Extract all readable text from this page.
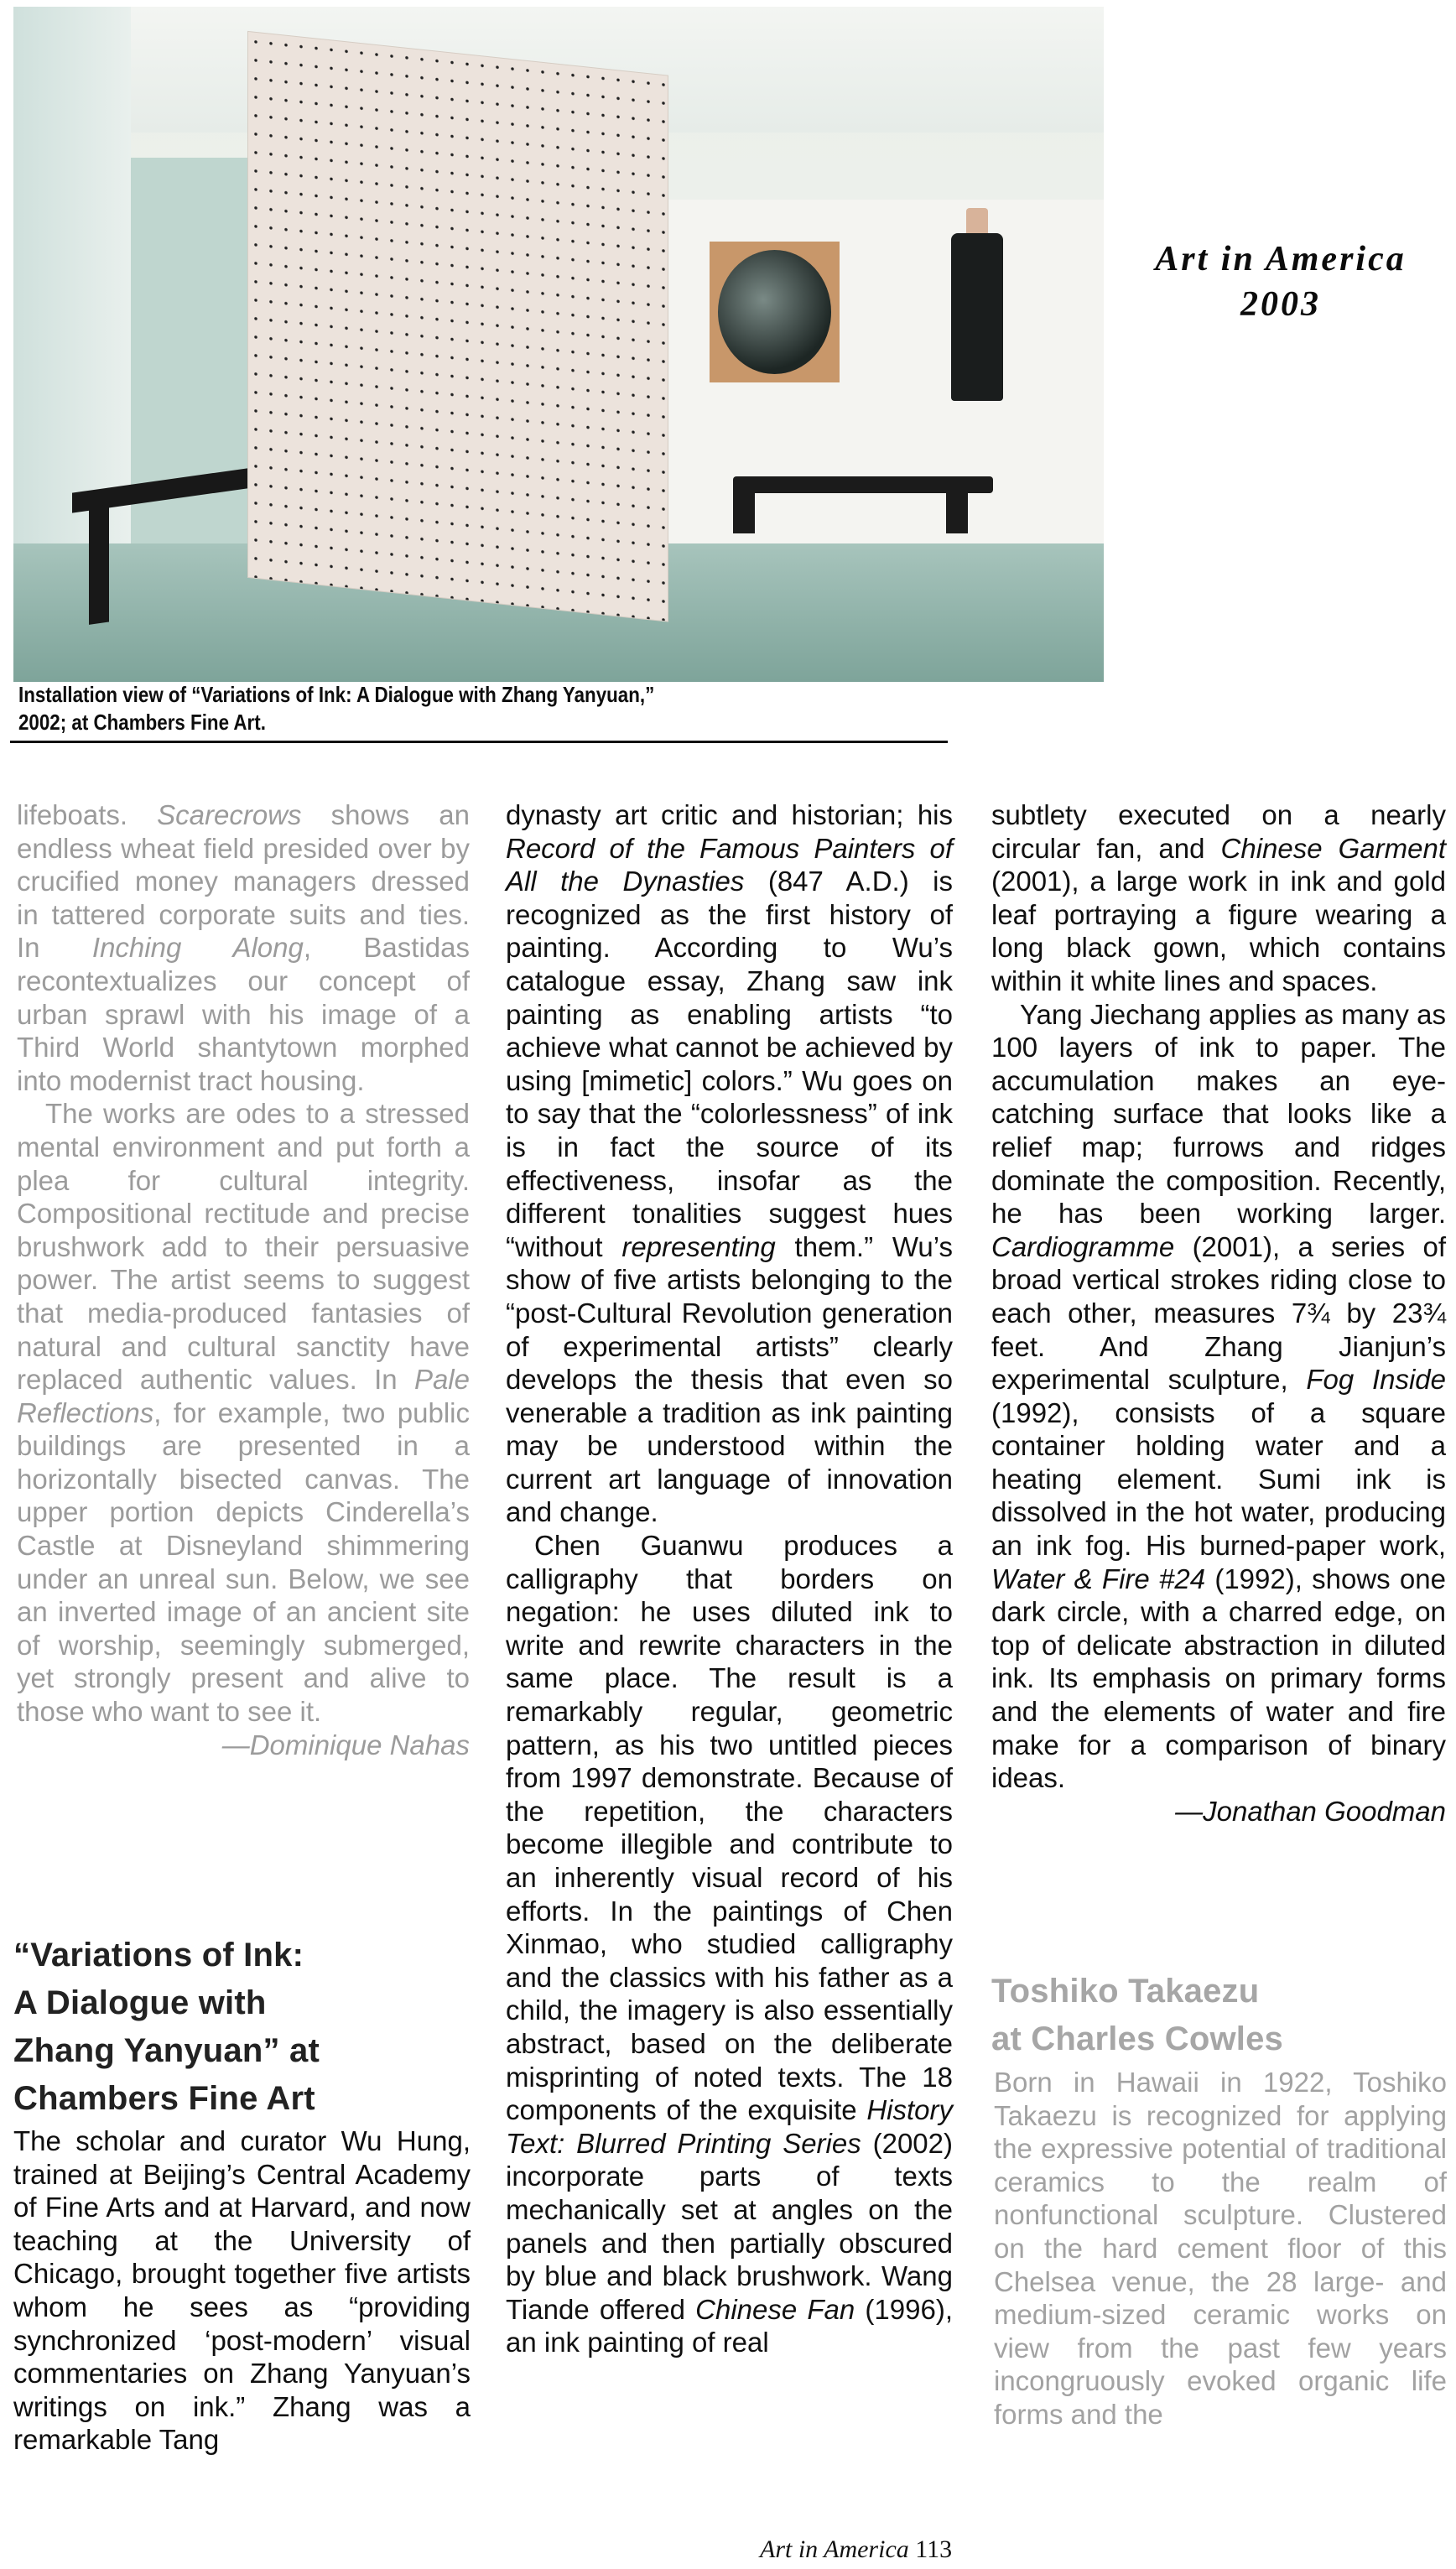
Art in America
2003
Installation view of “Variations of Ink: A Dialogue with Zhang Yanyuan,”
2002; at Chambers Fine Art.

lifeboats. Scarecrows shows an endless wheat field presided over by crucified money managers dressed in tattered corporate suits and ties. In Inching Along, Bastidas recontextualizes our concept of urban sprawl with his image of a Third World shantytown morphed into modernist tract housing.

The works are odes to a stressed mental environment and put forth a plea for cultural integrity. Compositional rectitude and precise brushwork add to their persuasive power. The artist seems to suggest that media-produced fantasies of natural and cultural sanctity have replaced authentic values. In Pale Reflections, for example, two public buildings are presented in a horizontally bisected canvas. The upper portion depicts Cinderella’s Castle at Disneyland shimmering under an unreal sun. Below, we see an inverted image of an ancient site of worship, seemingly submerged, yet strongly present and alive to those who want to see it.

—Dominique Nahas

“Variations of Ink:

A Dialogue with

Zhang Yanyuan” at

Chambers Fine Art

The scholar and curator Wu Hung, trained at Beijing’s Central Academy of Fine Arts and at Harvard, and now teaching at the University of Chicago, brought together five artists whom he sees as “providing synchronized ‘post-modern’ visual commentaries on Zhang Yanyuan’s writings on ink.” Zhang was a remarkable Tang

dynasty art critic and historian; his Record of the Famous Painters of All the Dynasties (847 A.D.) is recognized as the first history of painting. According to Wu’s catalogue essay, Zhang saw ink painting as enabling artists “to achieve what cannot be achieved by using [mimetic] colors.” Wu goes on to say that the “colorlessness” of ink is in fact the source of its effectiveness, insofar as the different tonalities suggest hues “without representing them.” Wu’s show of five artists belonging to the “post-Cultural Revolution generation of experimental artists” clearly develops the thesis that even so venerable a tradition as ink painting may be understood within the current art language of innovation and change.

Chen Guanwu produces a calligraphy that borders on negation: he uses diluted ink to write and rewrite characters in the same place. The result is a remarkably regular, geometric pattern, as his two untitled pieces from 1997 demonstrate. Because of the repetition, the characters become illegible and contribute to an inherently visual record of his efforts. In the paintings of Chen Xinmao, who studied calligraphy and the classics with his father as a child, the imagery is also essentially abstract, based on the deliberate misprinting of noted texts. The 18 components of the exquisite History Text: Blurred Printing Series (2002) incorporate parts of texts mechanically set at angles on the panels and then partially obscured by blue and black brushwork. Wang Tiande offered Chinese Fan (1996), an ink painting of real

subtlety executed on a nearly circular fan, and Chinese Garment (2001), a large work in ink and gold leaf portraying a figure wearing a long black gown, which contains within it white lines and spaces.

Yang Jiechang applies as many as 100 layers of ink to paper. The accumulation makes an eye-catching surface that looks like a relief map; furrows and ridges dominate the composition. Recently, he has been working larger. Cardiogramme (2001), a series of broad vertical strokes riding close to each other, measures 7¾ by 23¾ feet. And Zhang Jianjun’s experimental sculpture, Fog Inside (1992), consists of a square container holding water and a heating element. Sumi ink is dissolved in the hot water, producing an ink fog. His burned-paper work, Water & Fire #24 (1992), shows one dark circle, with a charred edge, on top of delicate abstraction in diluted ink. Its emphasis on primary forms and the elements of water and fire make for a comparison of binary ideas.

—Jonathan Goodman

Toshiko Takaezu

at Charles Cowles

Born in Hawaii in 1922, Toshiko Takaezu is recognized for applying the expressive potential of traditional ceramics to the realm of nonfunctional sculpture. Clustered on the hard cement floor of this Chelsea venue, the 28 large- and medium-sized ceramic works on view from the past few years incongruously evoked organic life forms and the
Art in America 113
